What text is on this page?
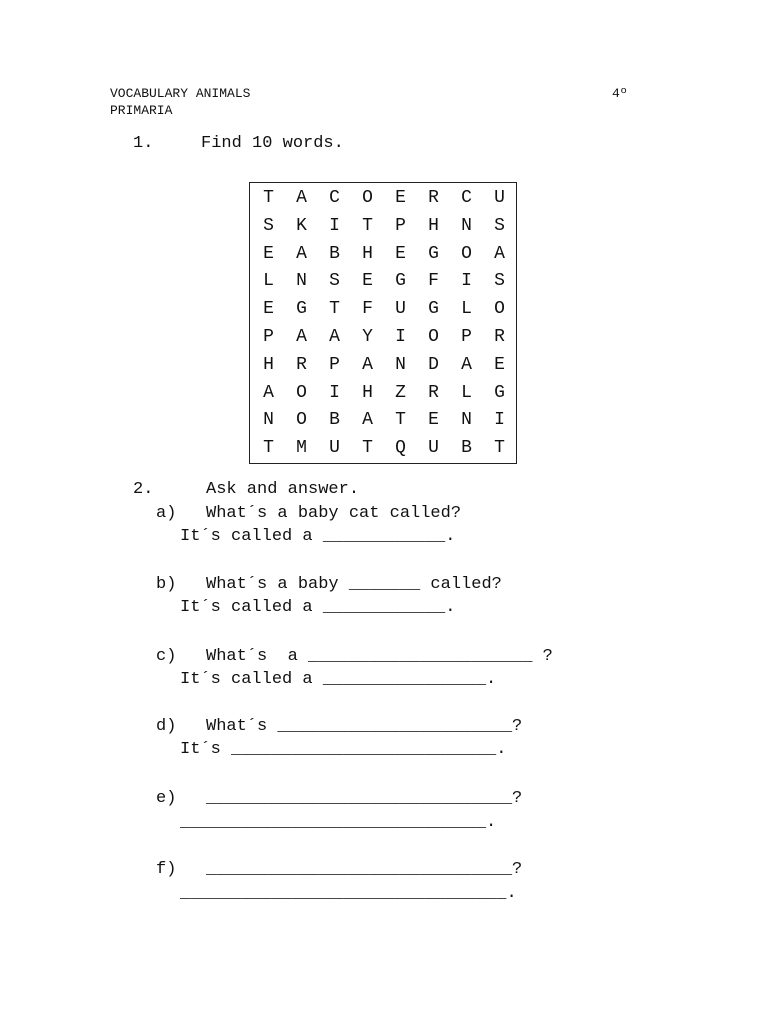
VOCABULARY ANIMALS	4º
PRIMARIA
1.	Find 10 words.
T	A	C	O	E	R	C	U
S	K	I	T	P	H	N	S
E	A	B	H	E	G	O	A
L	N	S	E	G	F	I	S
E	G	T	F	U	G	L	O
P	A	A	Y	I	O	P	R
H	R	P	A	N	D	A	E
A	O	I	H	Z	R	L	G
N	O	B	A	T	E	N	I
T	M	U	T	Q	U	B	T
2.	Ask and answer.
a) What´s a baby cat called?
It´s called a ____________.
b) What´s a baby _______ called?
It´s called a ____________.
c) What´s  a ______________________ ?
It´s called a ________________.
d) What´s _______________________?
It´s __________________________.
e) ______________________________?
______________________________.
f) ______________________________?
________________________________.
